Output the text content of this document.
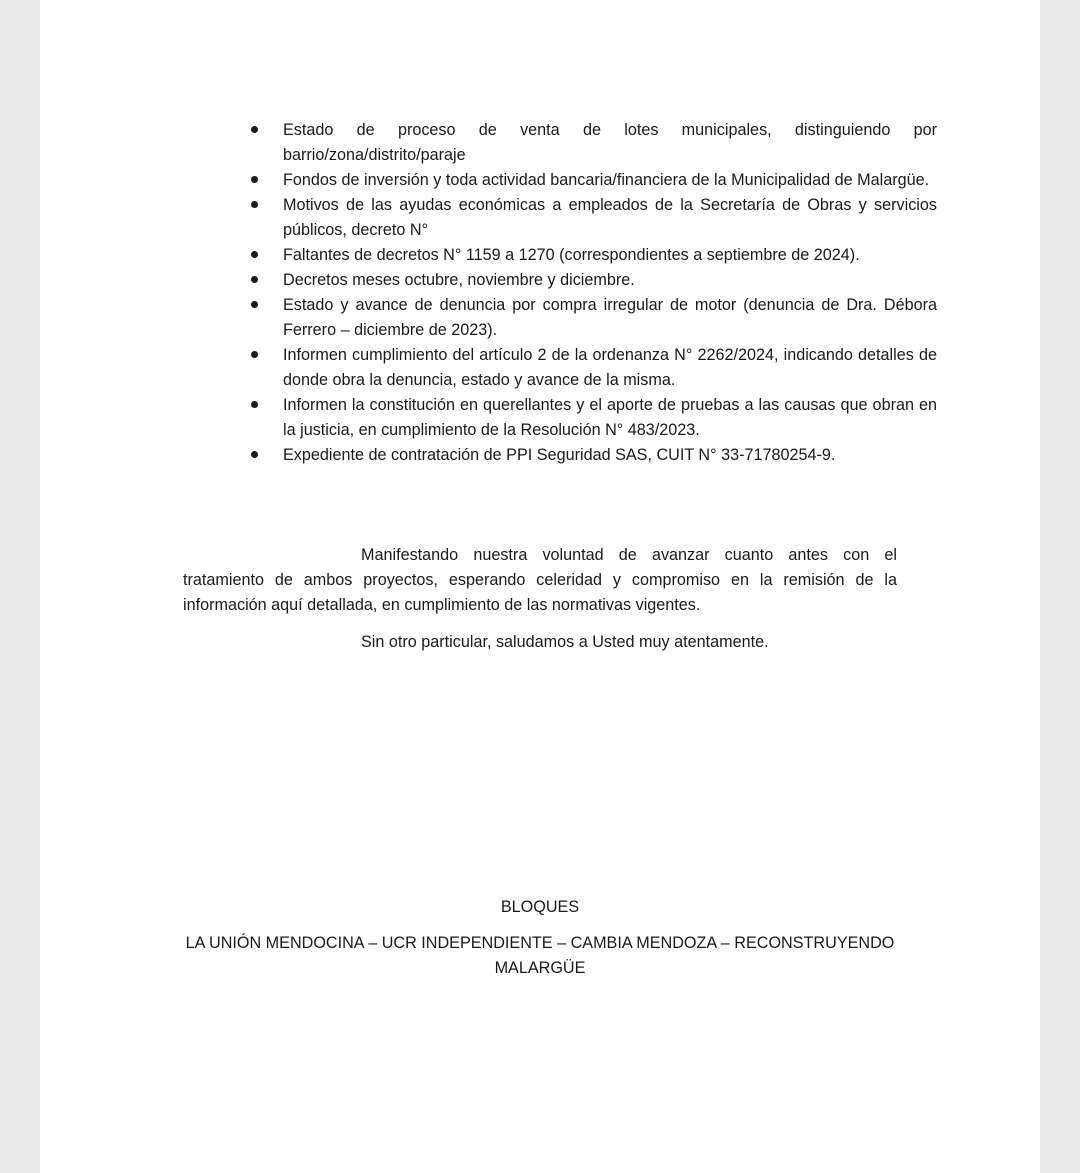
Estado de proceso de venta de lotes municipales, distinguiendo por barrio/zona/distrito/paraje
Fondos de inversión y toda actividad bancaria/financiera de la Municipalidad de Malargüe.
Motivos de las ayudas económicas a empleados de la Secretaría de Obras y servicios públicos, decreto N°
Faltantes de decretos N° 1159 a 1270 (correspondientes a septiembre de 2024).
Decretos meses octubre, noviembre y diciembre.
Estado y avance de denuncia por compra irregular de motor (denuncia de Dra. Débora Ferrero – diciembre de 2023).
Informen cumplimiento del artículo 2 de la ordenanza N° 2262/2024, indicando detalles de donde obra la denuncia, estado y avance de la misma.
Informen la constitución en querellantes y el aporte de pruebas a las causas que obran en la justicia, en cumplimiento de la Resolución N° 483/2023.
Expediente de contratación de PPI Seguridad SAS, CUIT N° 33-71780254-9.

Manifestando nuestra voluntad de avanzar cuanto antes con el tratamiento de ambos proyectos, esperando celeridad y compromiso en la remisión de la información aquí detallada, en cumplimiento de las normativas vigentes.

Sin otro particular, saludamos a Usted muy atentamente.

BLOQUES

LA UNIÓN MENDOCINA – UCR INDEPENDIENTE – CAMBIA MENDOZA – RECONSTRUYENDO
MALARGÜE
